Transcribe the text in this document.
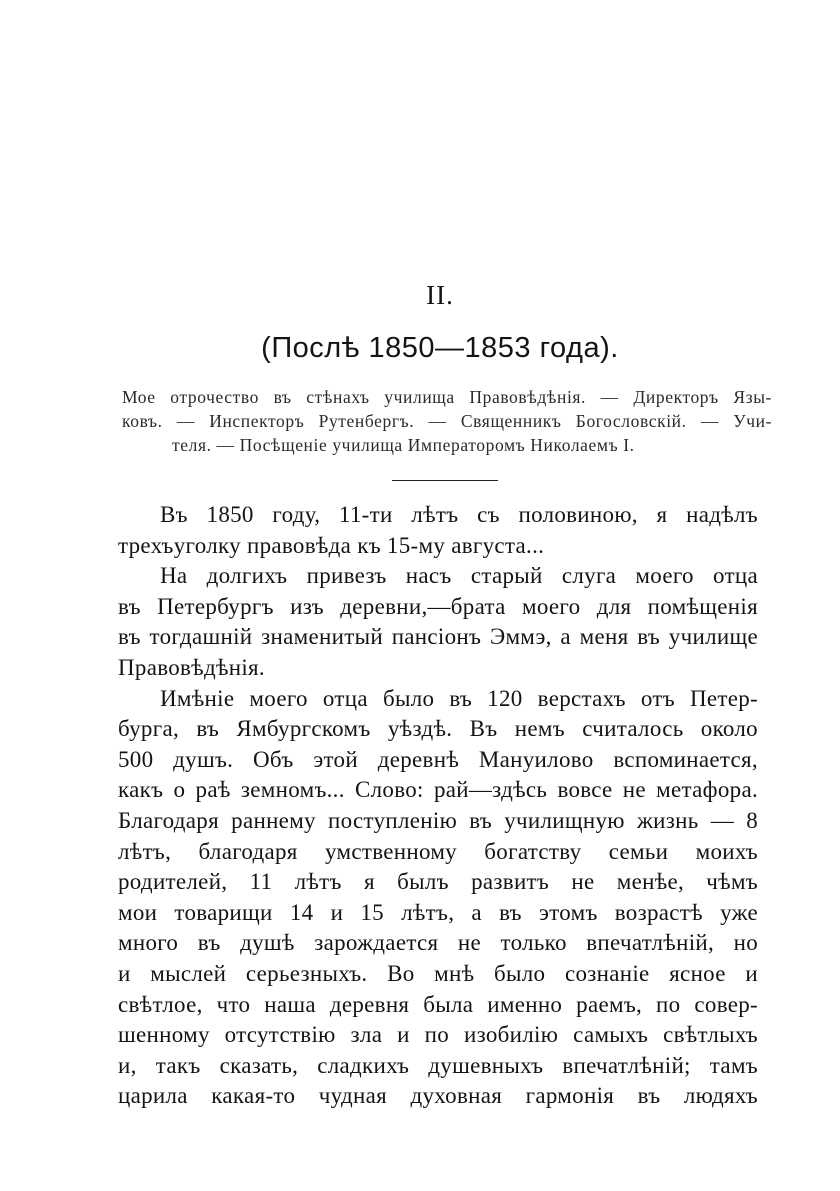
II.
(Послѣ 1850—1853 года).
Мое отрочество въ стѣнахъ училища Правовѣдѣнія. — Директоръ Язы-
ковъ. — Инспекторъ Рутенбергъ. — Священникъ Богословскій. — Учи-
теля. — Посѣщеніе училища Императоромъ Николаемъ I.
Въ 1850 году, 11-ти лѣтъ съ половиною, я надѣлъ
трехъуголку правовѣда къ 15-му августа...
На долгихъ привезъ насъ старый слуга моего отца
въ Петербургъ изъ деревни,—брата моего для помѣщенія
въ тогдашній знаменитый пансіонъ Эммэ, а меня въ училище
Правовѣдѣнія.
Имѣніе моего отца было въ 120 верстахъ отъ Петер-
бурга, въ Ямбургскомъ уѣздѣ. Въ немъ считалось около
500 душъ. Объ этой деревнѣ Мануилово вспоминается,
какъ о раѣ земномъ... Слово: рай—здѣсь вовсе не метафора.
Благодаря раннему поступленію въ училищную жизнь — 8
лѣтъ, благодаря умственному богатству семьи моихъ
родителей, 11 лѣтъ я былъ развитъ не менѣе, чѣмъ
мои товарищи 14 и 15 лѣтъ, а въ этомъ возрастѣ уже
много въ душѣ зарождается не только впечатлѣній, но
и мыслей серьезныхъ. Во мнѣ было сознаніе ясное и
свѣтлое, что наша деревня была именно раемъ, по совер-
шенному отсутствію зла и по изобилію самыхъ свѣтлыхъ
и, такъ сказать, сладкихъ душевныхъ впечатлѣній; тамъ
царила какая-то чудная духовная гармонія въ людяхъ
